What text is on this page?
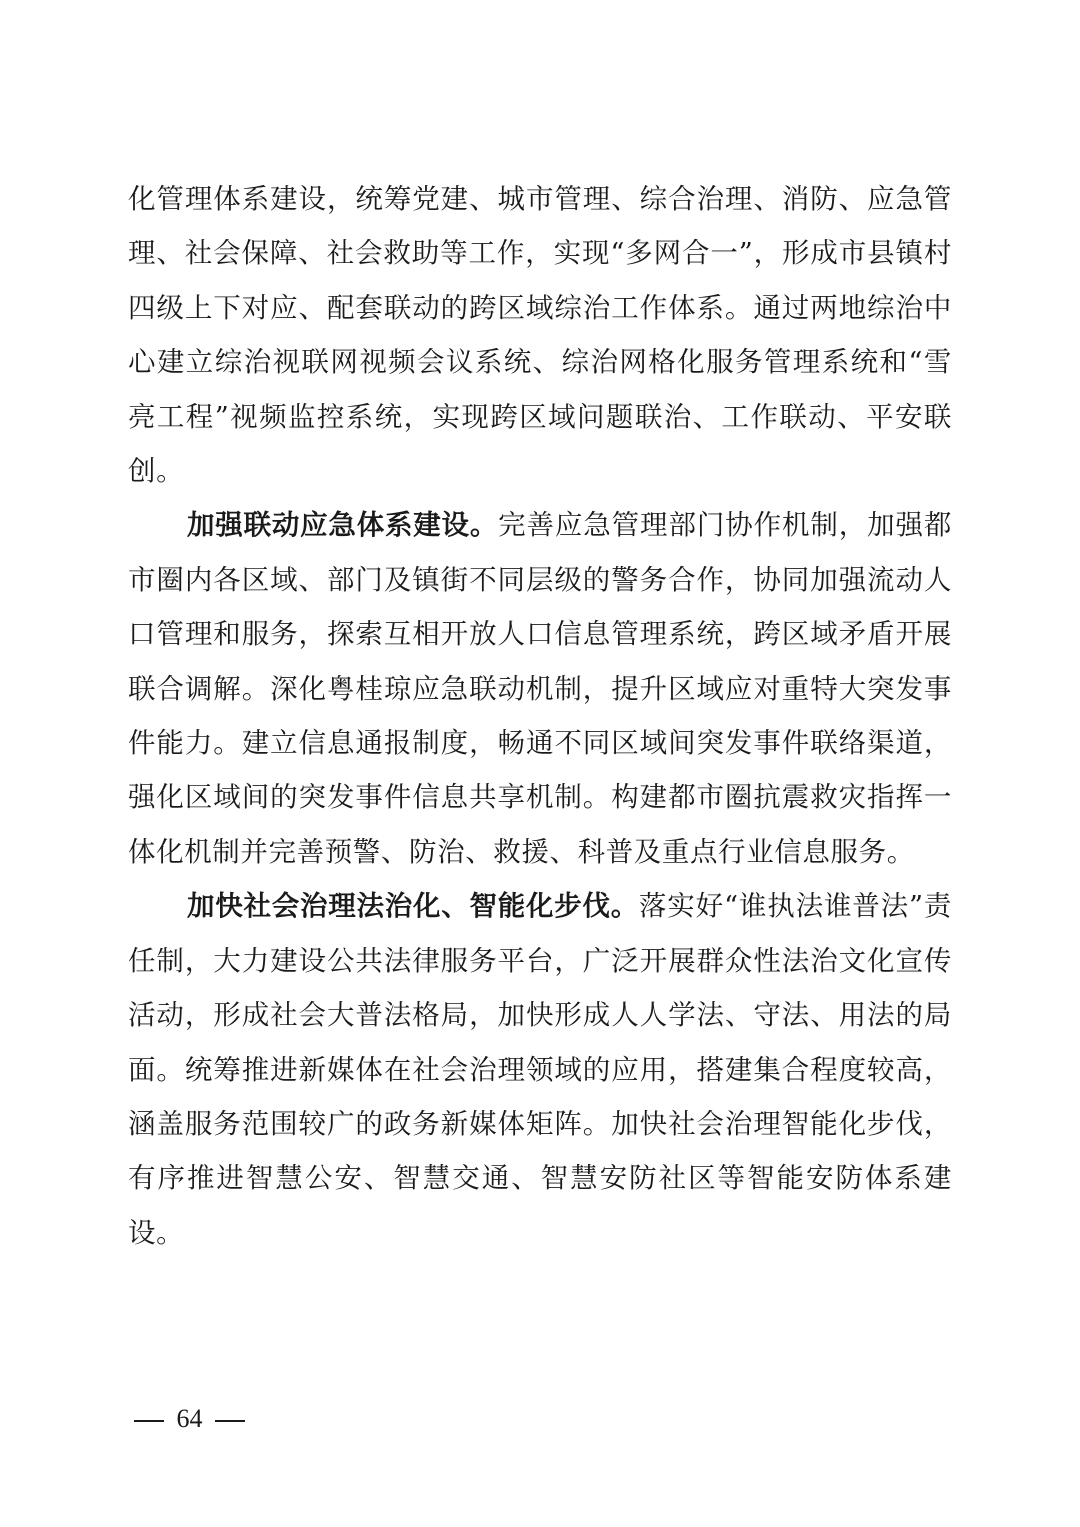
化管理体系建设，统筹党建、城市管理、综合治理、消防、应急管理、社会保障、社会救助等工作，实现“多网合一”，形成市县镇村四级上下对应、配套联动的跨区域综治工作体系。通过两地综治中心建立综治视联网视频会议系统、综治网格化服务管理系统和“雪亮工程”视频监控系统，实现跨区域问题联治、工作联动、平安联创。

加强联动应急体系建设。完善应急管理部门协作机制，加强都市圈内各区域、部门及镇街不同层级的警务合作，协同加强流动人口管理和服务，探索互相开放人口信息管理系统，跨区域矛盾开展联合调解。深化粤桂琼应急联动机制，提升区域应对重特大突发事件能力。建立信息通报制度，畅通不同区域间突发事件联络渠道，强化区域间的突发事件信息共享机制。构建都市圈抗震救灾指挥一体化机制并完善预警、防治、救援、科普及重点行业信息服务。

加快社会治理法治化、智能化步伐。落实好“谁执法谁普法”责任制，大力建设公共法律服务平台，广泛开展群众性法治文化宣传活动，形成社会大普法格局，加快形成人人学法、守法、用法的局面。统筹推进新媒体在社会治理领域的应用，搭建集合程度较高，涵盖服务范围较广的政务新媒体矩阵。加快社会治理智能化步伐，有序推进智慧公安、智慧交通、智慧安防社区等智能安防体系建设。

64
